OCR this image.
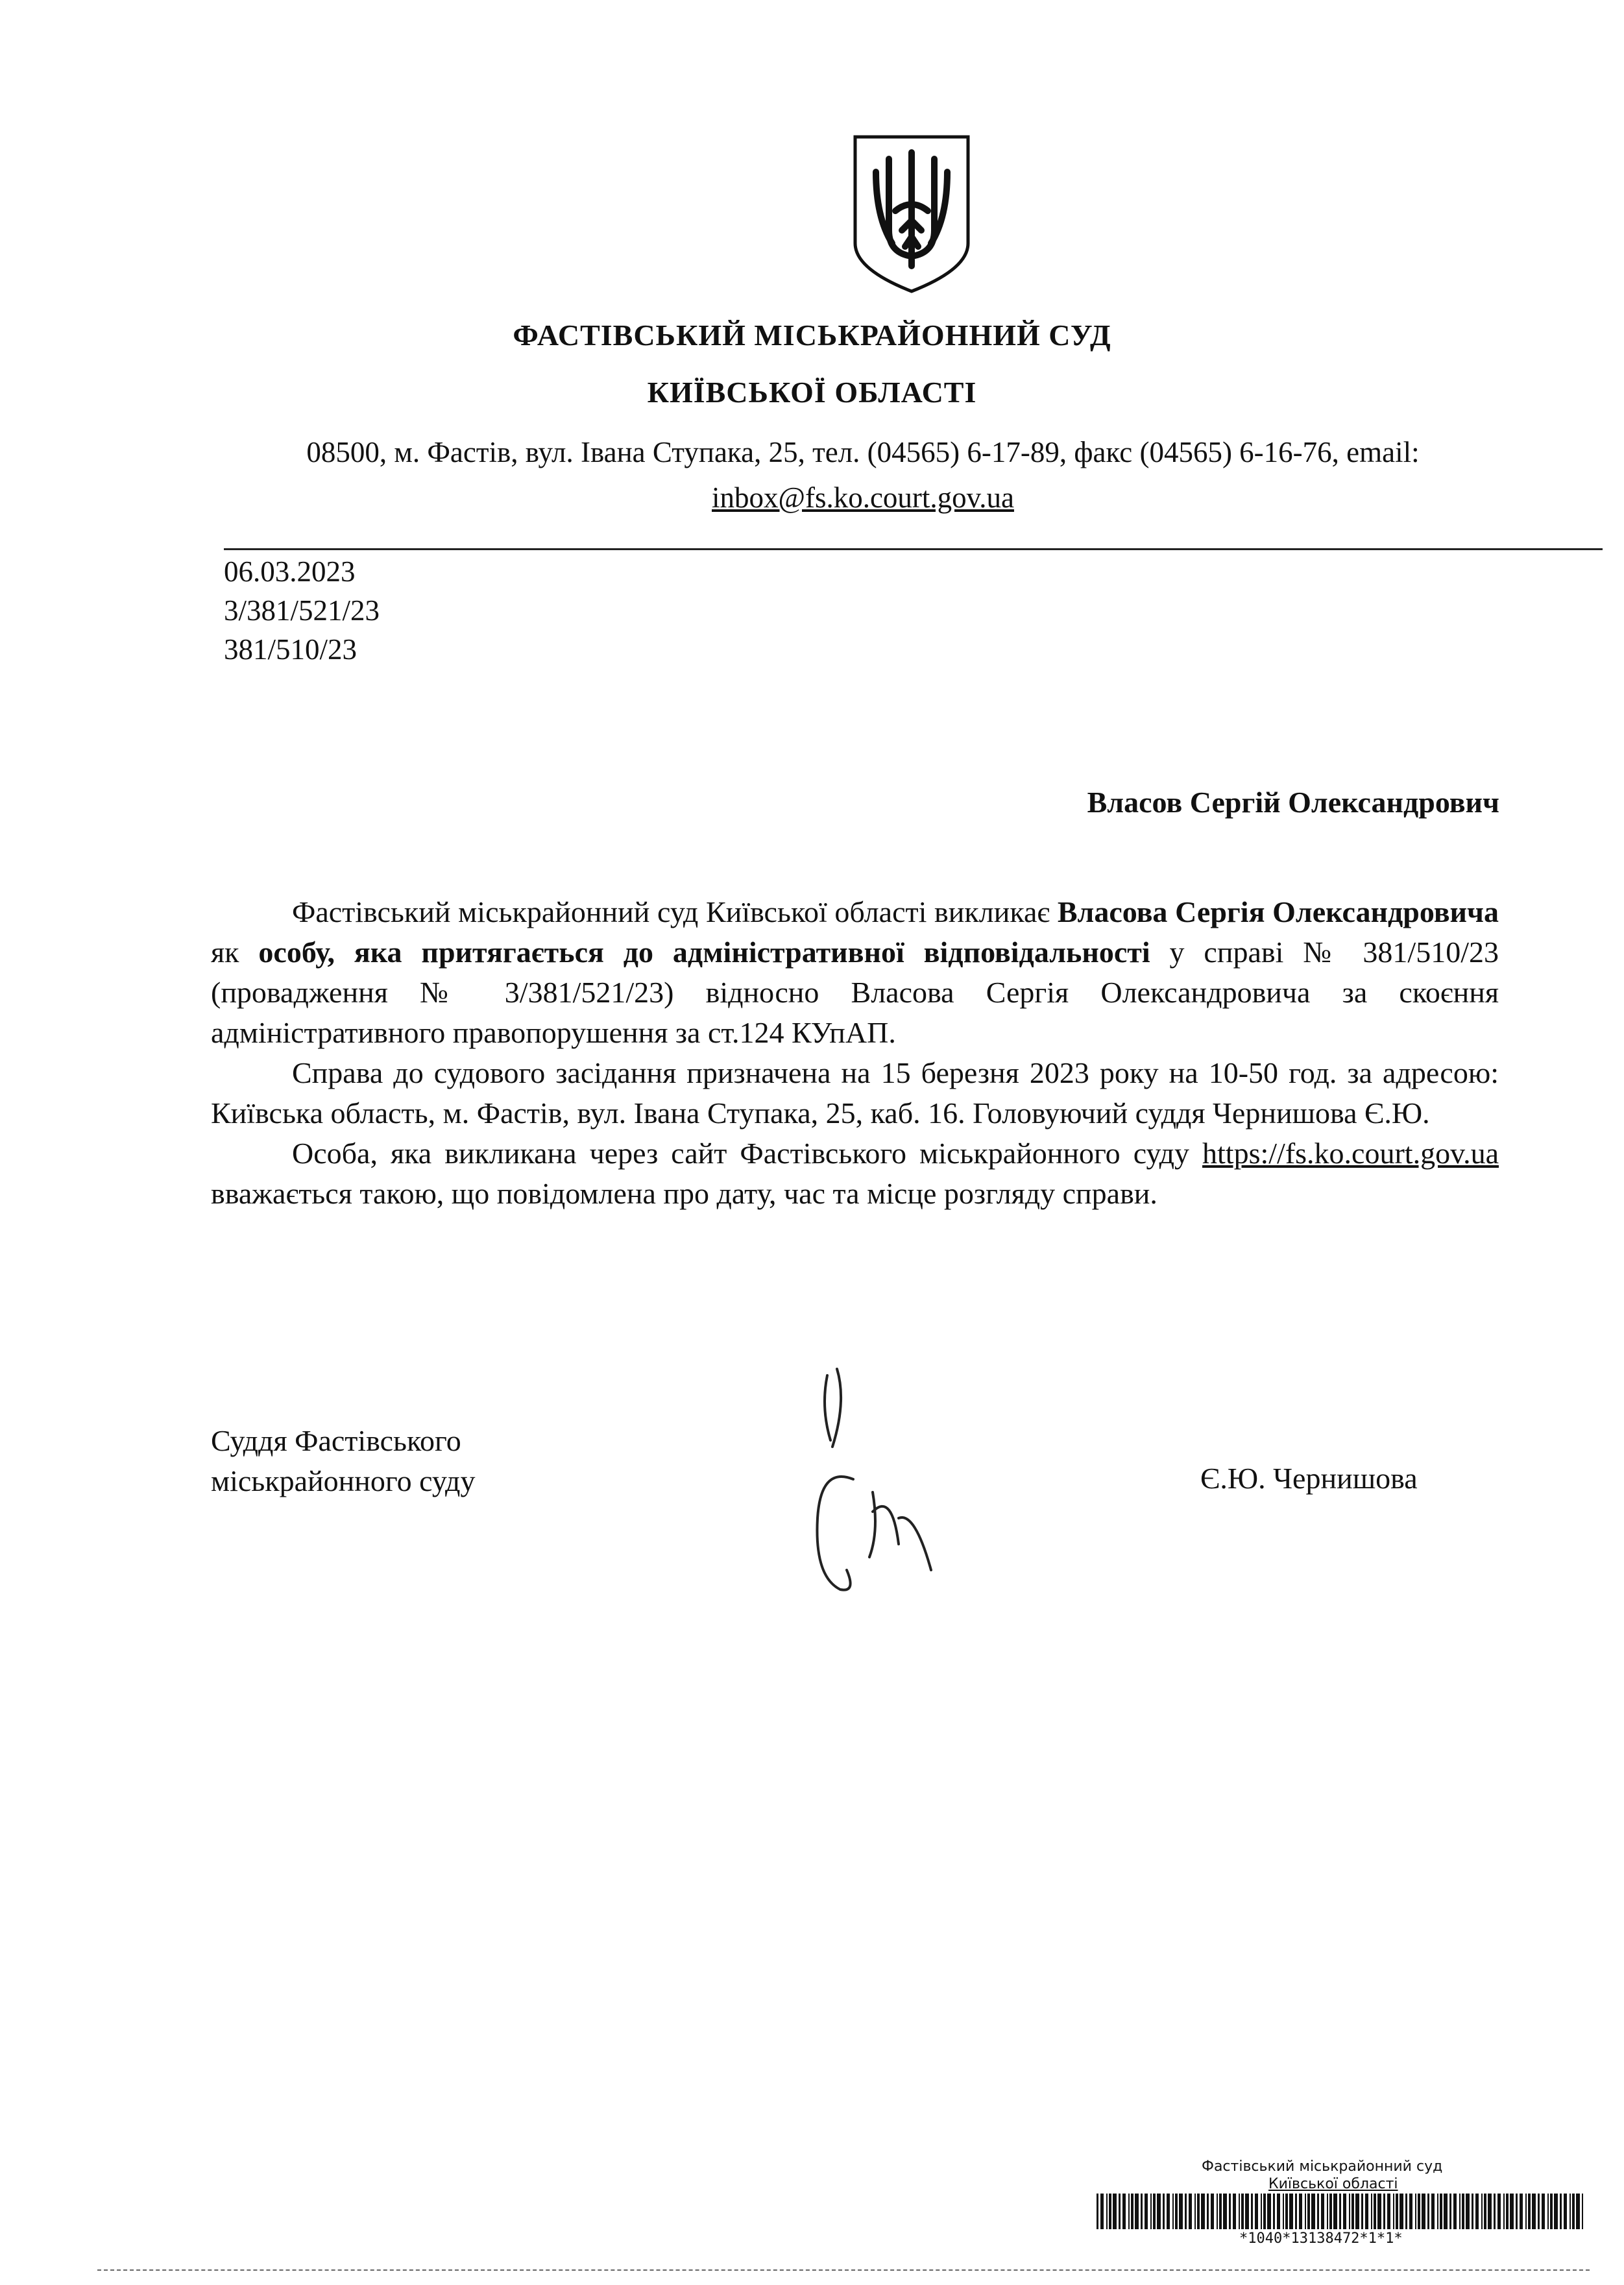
ФАСТІВСЬКИЙ МІСЬКРАЙОННИЙ СУД
КИЇВСЬКОЇ ОБЛАСТІ
08500, м. Фастів, вул. Івана Ступака, 25, тел. (04565) 6-17-89, факс (04565) 6-16-76, email:
inbox@fs.ko.court.gov.ua
06.03.2023
3/381/521/23
381/510/23
Власов Сергій Олександрович

Фастівський міськрайонний суд Київської області викликає Власова Сергія Олександровича як особу, яка притягається до адміністративної відповідальності у справі № 381/510/23 (провадження № 3/381/521/23) відносно Власова Сергія Олександровича за скоєння адміністративного правопорушення за ст.124 КУпАП.

Справа до судового засідання призначена на 15 березня 2023 року на 10-50 год. за адресою: Київська область, м. Фастів, вул. Івана Ступака, 25, каб. 16. Головуючий суддя Чернишова Є.Ю.

Особа, яка викликана через сайт Фастівського міськрайонного суду https://fs.ko.court.gov.ua вважається такою, що повідомлена про дату, час та місце розгляду справи.

Суддя Фастівського
міськрайонного суду	Є.Ю. Чернишова
Фастівський міськрайонний суд
Київської області
*1040*13138472*1*1*
